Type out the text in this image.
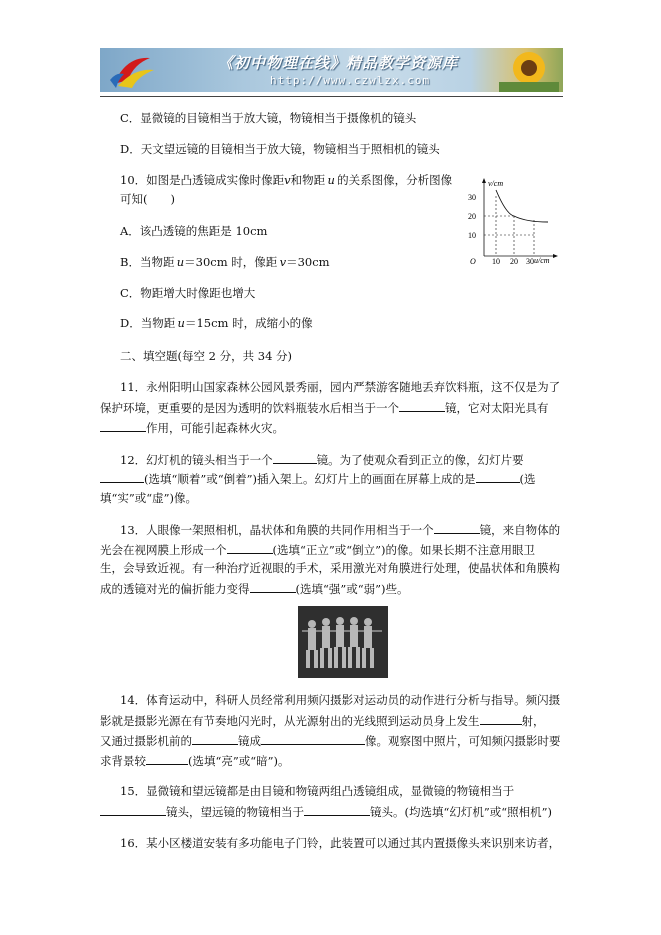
《初中物理在线》精品教学资源库
http://www.czwlzx.com
C．显微镜的目镜相当于放大镜，物镜相当于摄像机的镜头
D．天文望远镜的目镜相当于放大镜，物镜相当于照相机的镜头
10．如图是凸透镜成实像时像距v和物距  u  的关系图像，分析图像
可知(　　)
A．该凸透镜的焦距是 10cm
B．当物距  u＝30cm 时，像距  v＝30cm
C．物距增大时像距也增大
D．当物距  u＝15cm 时，成缩小的像
v/cm
u/cm
O
30
20
10
10 20 30
二、填空题(每空 2 分，共 34 分)
11．永州阳明山国家森林公园风景秀丽，园内严禁游客随地丢弃饮料瓶，这不仅是为了
保护环境，更重要的是因为透明的饮料瓶装水后相当于一个	镜，它对太阳光具有
作用，可能引起森林火灾。
12．幻灯机的镜头相当于一个	镜。为了使观众看到正立的像，幻灯片要
(选填“顺着”或“倒着”)插入架上。幻灯片上的画面在屏幕上成的是	(选
填“实”或“虚”)像。
13．人眼像一架照相机，晶状体和角膜的共同作用相当于一个	镜，来自物体的
光会在视网膜上形成一个	(选填“正立”或“倒立”)的像。如果长期不注意用眼卫
生，会导致近视。有一种治疗近视眼的手术，采用激光对角膜进行处理，使晶状体和角膜构
成的透镜对光的偏折能力变得	(选填“强”或“弱”)些。
14．体育运动中，科研人员经常利用频闪摄影对运动员的动作进行分析与指导。频闪摄
影就是摄影光源在有节奏地闪光时，从光源射出的光线照到运动员身上发生	射，
又通过摄影机前的	镜成	像。观察图中照片，可知频闪摄影时要
求背景较	(选填“亮”或“暗”)。
15．显微镜和望远镜都是由目镜和物镜两组凸透镜组成，显微镜的物镜相当于
镜头，望远镜的物镜相当于	镜头。(均选填“幻灯机”或“照相机”)
16．某小区楼道安装有多功能电子门铃，此装置可以通过其内置摄像头来识别来访者，
